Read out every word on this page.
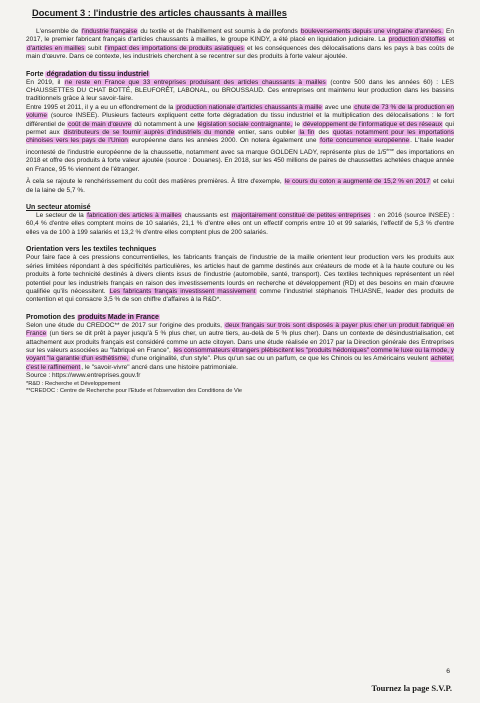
Document 3 : l'industrie des articles chaussants à mailles

L'ensemble de l'industrie française du textile et de l'habillement est soumis à de profonds bouleversements depuis une vingtaine d'années. En 2017, le premier fabricant français d'articles chaussants à mailles, le groupe KINDY, a été placé en liquidation judiciaire. La production d'étoffes et d'articles en mailles subit l'impact des importations de produits asiatiques et les conséquences des délocalisations dans les pays à bas coûts de main d'œuvre. Dans ce contexte, les industriels cherchent à se recentrer sur des produits à forte valeur ajoutée.

Forte dégradation du tissu industriel

En 2019, il ne reste en France que 33 entreprises produisant des articles chaussants à mailles (contre 500 dans les années 60) : LES CHAUSSETTES DU CHAT BOTTÉ, BLEUFORÊT, LABONAL, ou BROUSSAUD. Ces entreprises ont maintenu leur production dans les bassins traditionnels grâce à leur savoir-faire.

Entre 1995 et 2011, il y a eu un effondrement de la production nationale d'articles chaussants à maille avec une chute de 73 % de la production en volume (source INSEE). Plusieurs facteurs expliquent cette forte dégradation du tissu industriel et la multiplication des délocalisations : le fort différentiel de coût de main d'œuvre dû notamment à une législation sociale contraignante, le développement de l'informatique et des réseaux qui permet aux distributeurs de se fournir auprès d'industriels du monde entier, sans oublier la fin des quotas notamment pour les importations chinoises vers les pays de l'Union européenne dans les années 2000. On notera également une forte concurrence européenne. L'Italie leader incontesté de l'industrie européenne de la chaussette, notamment avec sa marque GOLDEN LADY, représente plus de 1/5ème des importations en 2018 et offre des produits à forte valeur ajoutée (source : Douanes). En 2018, sur les 450 millions de paires de chaussettes achetées chaque année en France, 95 % viennent de l'étranger.

À cela se rajoute le renchérissement du coût des matières premières. À titre d'exemple, le cours du coton a augmenté de 15,2 % en 2017 et celui de la laine de 5,7 %.

Un secteur atomisé

Le secteur de la fabrication des articles à mailles chaussants est majoritairement constitué de petites entreprises : en 2016 (source INSEE) : 60,4 % d'entre elles comptent moins de 10 salariés, 21,1 % d'entre elles ont un effectif compris entre 10 et 99 salariés, l'effectif de 5,3 % d'entre elles va de 100 à 199 salariés et 13,2 % d'entre elles comptent plus de 200 salariés.

Orientation vers les textiles techniques

Pour faire face à ces pressions concurrentielles, les fabricants français de l'industrie de la maille orientent leur production vers les produits aux séries limitées répondant à des spécificités particulières, les articles haut de gamme destinés aux créateurs de mode et à la haute couture ou les produits à forte technicité destinés à divers clients issus de l'industrie (automobile, santé, transport). Ces textiles techniques représentent un réel potentiel pour les industriels français en raison des investissements lourds en recherche et développement (RD) et des besoins en main d'œuvre qualifiée qu'ils nécessitent. Les fabricants français investissent massivement comme l'industriel stéphanois THUASNE, leader des produits de contention et qui consacre 3,5 % de son chiffre d'affaires à la R&D*.

Promotion des produits Made in France

Selon une étude du CREDOC** de 2017 sur l'origine des produits, deux français sur trois sont disposés à payer plus cher un produit fabriqué en France (un tiers se dit prêt à payer jusqu'à 5 % plus cher, un autre tiers, au-delà de 5 % plus cher). Dans un contexte de désindustrialisation, cet attachement aux produits français est considéré comme un acte citoyen. Dans une étude réalisée en 2017 par la Direction générale des Entreprises sur les valeurs associées au "fabriqué en France", les consommateurs étrangers plébiscitent les "produits hédoniques" comme le luxe ou la mode, y voyant "la garantie d'un esthétisme, d'une originalité, d'un style". Plus qu'un sac ou un parfum, ce que les Chinois ou les Américains veulent acheter, c'est le raffinement, le "savoir-vivre" ancré dans une histoire patrimoniale.

Source : https://www.entreprises.gouv.fr

*R&D : Recherche et Développement

**CREDOC : Centre de Recherche pour l'Etude et l'observation des Conditions de Vie

6
Tournez la page S.V.P.
